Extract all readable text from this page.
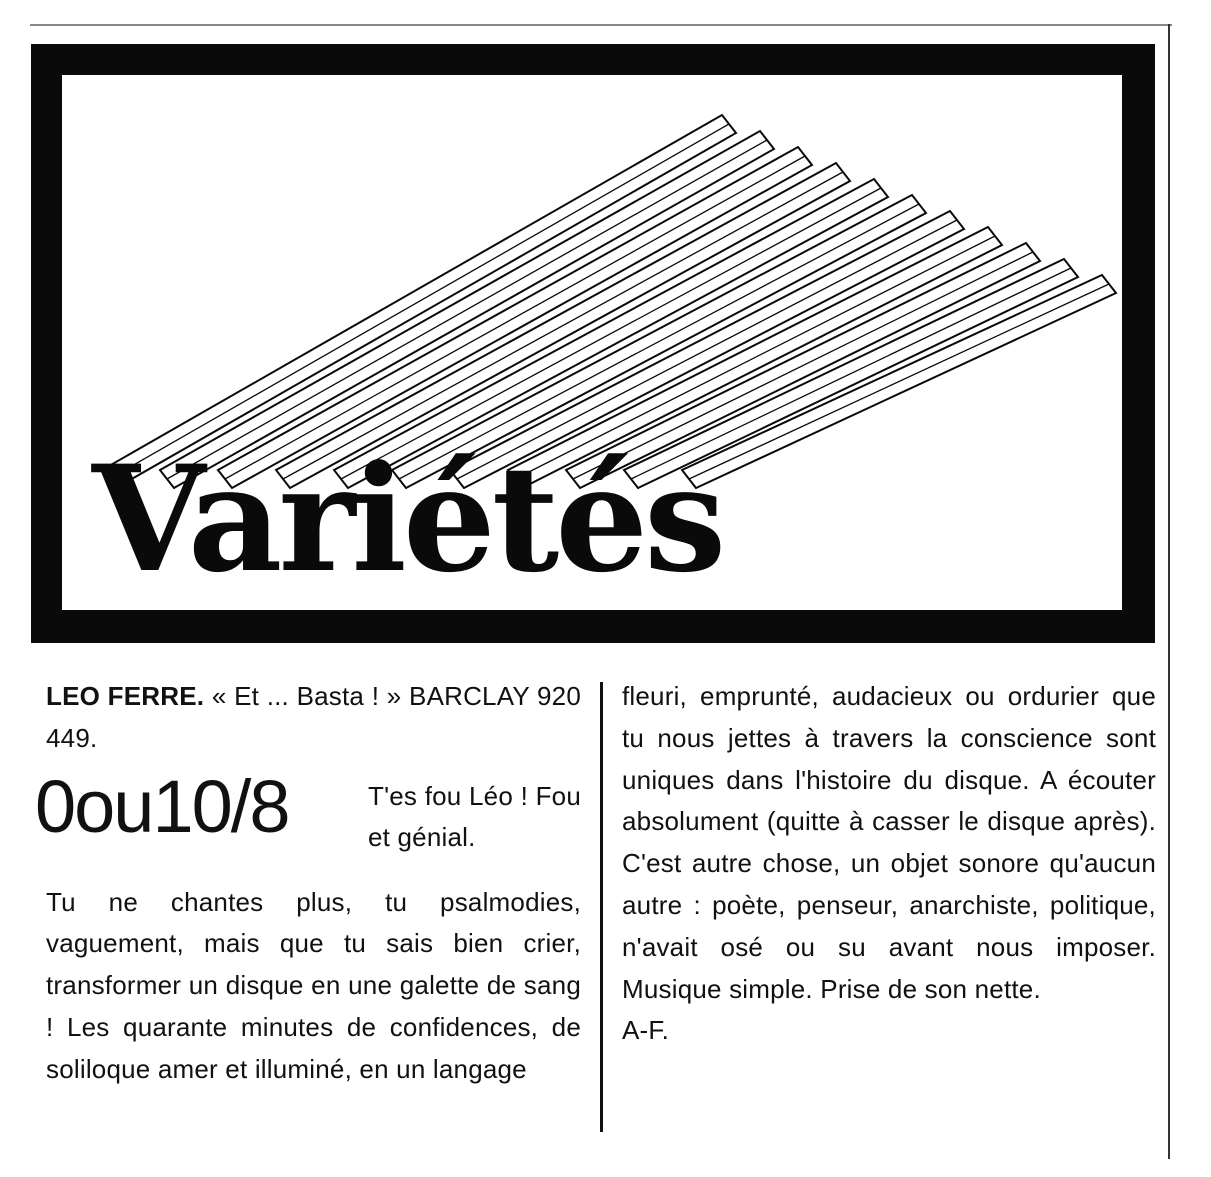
Variétés

LEO FERRE. « Et ... Basta ! » BARCLAY 920 449.

0ou10/8	T'es fou Léo ! Fou et génial.

Tu ne chantes plus, tu psalmodies, vaguement, mais que tu sais bien crier, transformer un disque en une galette de sang ! Les quarante minutes de confidences, de soliloque amer et illuminé, en un langage

fleuri, emprunté, audacieux ou ordurier que tu nous jettes à travers la conscience sont uniques dans l'histoire du disque. A écouter absolument (quitte à casser le disque après). C'est autre chose, un objet sonore qu'aucun autre : poète, penseur, anarchiste, politique, n'avait osé ou su avant nous imposer. Musique simple. Prise de son nette.

A-F.
